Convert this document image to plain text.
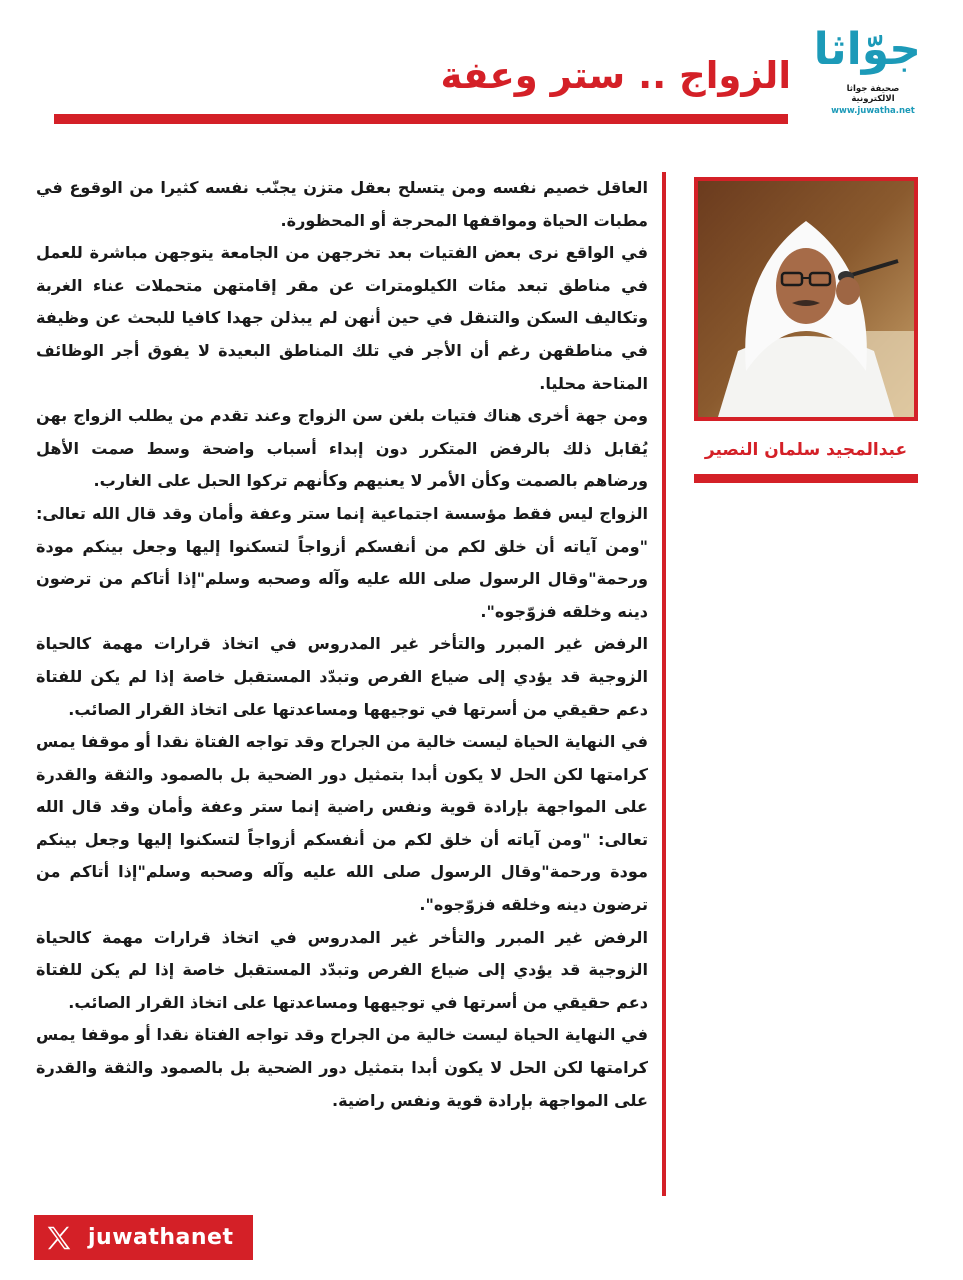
جوّاثا
صحيفة جواثا الالكترونية
www.juwatha.net
الزواج .. ستر وعفة
عبدالمجيد سلمان النصير

العاقل خصيم نفسه ومن يتسلح بعقل متزن يجنّب نفسه كثيرا من الوقوع في مطبات الحياة ومواقفها المحرجة أو المحظورة.

في الواقع نرى بعض الفتيات بعد تخرجهن من الجامعة يتوجهن مباشرة للعمل في مناطق تبعد مئات الكيلومترات عن مقر إقامتهن متحملات عناء الغربة وتكاليف السكن والتنقل في حين أنهن لم يبذلن جهدا كافيا للبحث عن وظيفة في مناطقهن رغم أن الأجر في تلك المناطق البعيدة لا يفوق أجر الوظائف المتاحة محليا.

ومن جهة أخرى هناك فتيات بلغن سن الزواج وعند تقدم من يطلب الزواج بهن يُقابل ذلك بالرفض المتكرر دون إبداء أسباب واضحة وسط صمت الأهل ورضاهم بالصمت وكأن الأمر لا يعنيهم وكأنهم تركوا الحبل على الغارب.

الزواج ليس فقط مؤسسة اجتماعية إنما ستر وعفة وأمان وقد قال الله تعالى: "ومن آياته أن خلق لكم من أنفسكم أزواجاً لتسكنوا إليها وجعل بينكم مودة ورحمة"وقال الرسول صلى الله عليه وآله وصحبه وسلم"إذا أتاكم من ترضون دينه وخلقه فزوّجوه".

الرفض غير المبرر والتأخر غير المدروس في اتخاذ قرارات مهمة كالحياة الزوجية قد يؤدي إلى ضياع الفرص وتبدّد المستقبل خاصة إذا لم يكن للفتاة دعم حقيقي من أسرتها في توجيهها ومساعدتها على اتخاذ القرار الصائب.

في النهاية الحياة ليست خالية من الجراح وقد تواجه الفتاة نقدا أو موقفا يمس كرامتها لكن الحل لا يكون أبدا بتمثيل دور الضحية بل بالصمود والثقة والقدرة على المواجهة بإرادة قوية ونفس راضية إنما ستر وعفة وأمان وقد قال الله تعالى: "ومن آياته أن خلق لكم من أنفسكم أزواجاً لتسكنوا إليها وجعل بينكم مودة ورحمة"وقال الرسول صلى الله عليه وآله وصحبه وسلم"إذا أتاكم من ترضون دينه وخلقه فزوّجوه".

الرفض غير المبرر والتأخر غير المدروس في اتخاذ قرارات مهمة كالحياة الزوجية قد يؤدي إلى ضياع الفرص وتبدّد المستقبل خاصة إذا لم يكن للفتاة دعم حقيقي من أسرتها في توجيهها ومساعدتها على اتخاذ القرار الصائب.

في النهاية الحياة ليست خالية من الجراح وقد تواجه الفتاة نقدا أو موقفا يمس كرامتها لكن الحل لا يكون أبدا بتمثيل دور الضحية بل بالصمود والثقة والقدرة على المواجهة بإرادة قوية ونفس راضية.

juwathanet
